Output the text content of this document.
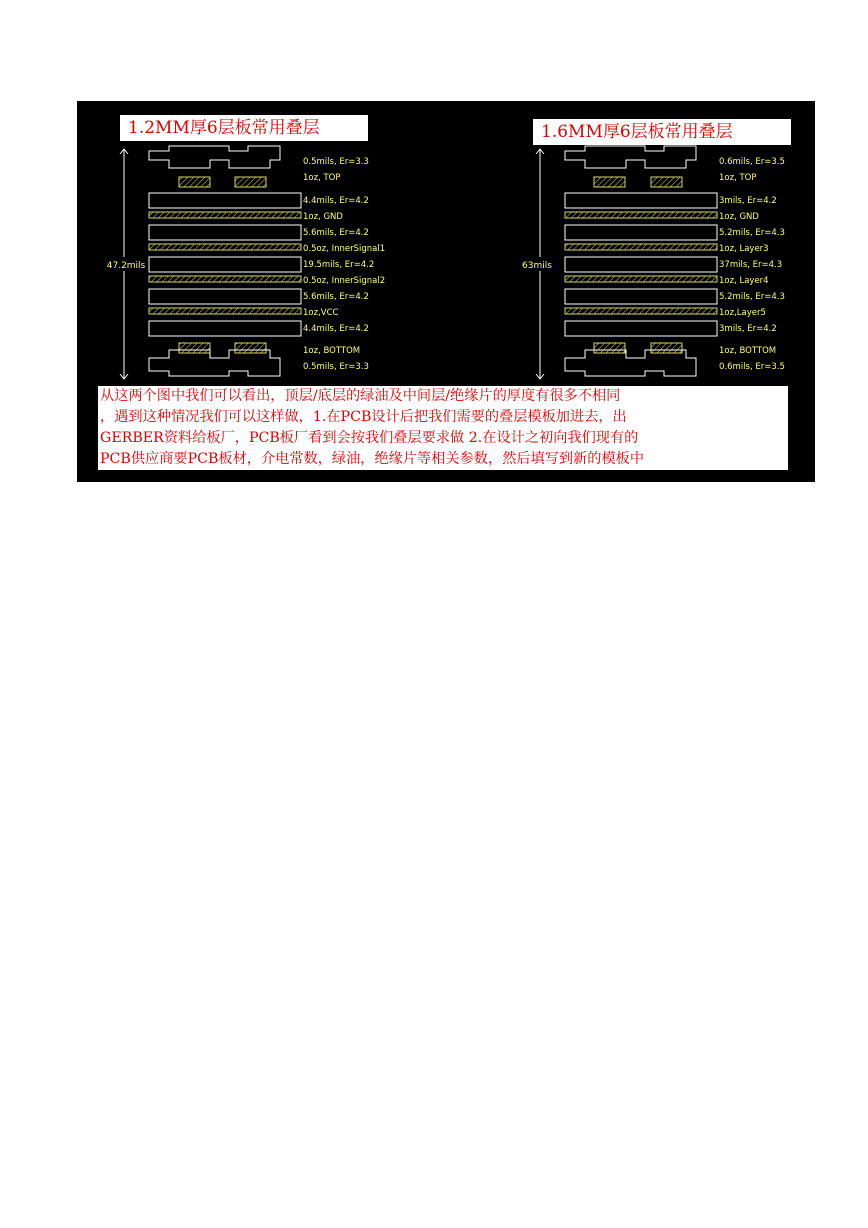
1.2MM厚6层板常用叠层	1.6MM厚6层板常用叠层
47.2mils
0.5mils, Er=3.3
1oz, TOP
4.4mils, Er=4.2
1oz, GND
5.6mils, Er=4.2
0.5oz, InnerSignal1
19.5mils, Er=4.2
0.5oz, InnerSignal2
5.6mils, Er=4.2
1oz,VCC
4.4mils, Er=4.2
1oz, BOTTOM
0.5mils, Er=3.3
63mils
0.6mils, Er=3.5
1oz, TOP
3mils, Er=4.2
1oz, GND
5.2mils, Er=4.3
1oz, Layer3
37mils, Er=4.3
1oz, Layer4
5.2mils, Er=4.3
1oz,Layer5
3mils, Er=4.2
1oz, BOTTOM
0.6mils, Er=3.5
从这两个图中我们可以看出，顶层/底层的绿油及中间层/绝缘片的厚度有很多不相同
，遇到这种情况我们可以这样做，1.在PCB设计后把我们需要的叠层模板加进去，出
GERBER资料给板厂，PCB板厂看到会按我们叠层要求做 2.在设计之初向我们现有的
PCB供应商要PCB板材，介电常数，绿油，绝缘片等相关参数，然后填写到新的模板中
